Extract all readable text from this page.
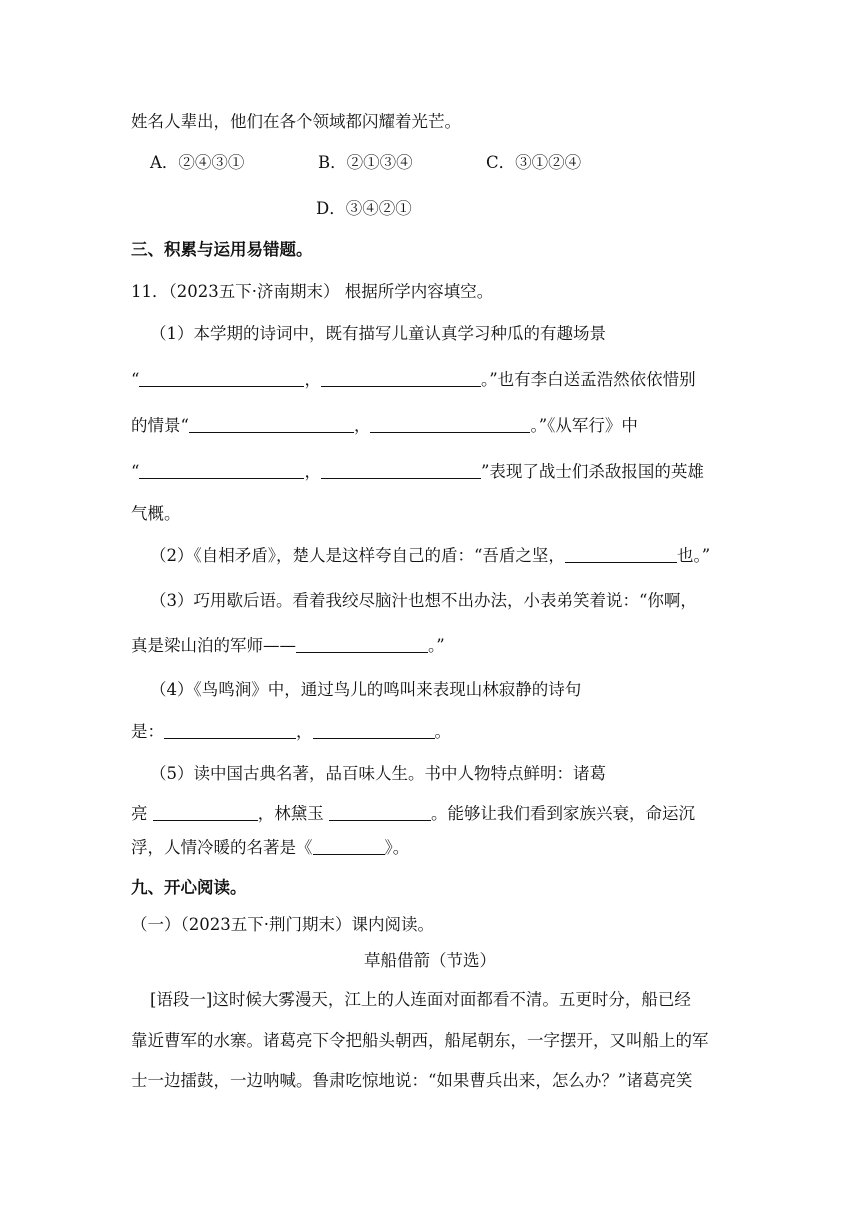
姓名人辈出，他们在各个领域都闪耀着光芒。
A．②④③①	B．②①③④	C．③①②④
D．③④②①
三、积累与运用易错题。
11．（2023五下·济南期末） 根据所学内容填空。
（1）本学期的诗词中，既有描写儿童认真学习种瓜的有趣场景
“	，	。”也有李白送孟浩然依依惜别
的情景“	，	。”《从军行》中
“	，	”表现了战士们杀敌报国的英雄
气概。
（2）《自相矛盾》，楚人是这样夸自己的盾：“吾盾之坚，	也。”
（3）巧用歇后语。看着我绞尽脑汁也想不出办法，小表弟笑着说：“你啊，
真是梁山泊的军师——	。”
（4）《鸟鸣涧》中，通过鸟儿的鸣叫来表现山林寂静的诗句
是：	，	。
（5）读中国古典名著，品百味人生。书中人物特点鲜明：诸葛
亮	，林黛玉	。能够让我们看到家族兴衰，命运沉
浮，人情冷暖的名著是《	》。
九、开心阅读。
（一）（2023五下·荆门期末）课内阅读。
草船借箭（节选）
[语段一]这时候大雾漫天，江上的人连面对面都看不清。五更时分，船已经
靠近曹军的水寨。诸葛亮下令把船头朝西，船尾朝东，一字摆开，又叫船上的军
士一边擂鼓，一边呐喊。鲁肃吃惊地说：“如果曹兵出来，怎么办？”诸葛亮笑
